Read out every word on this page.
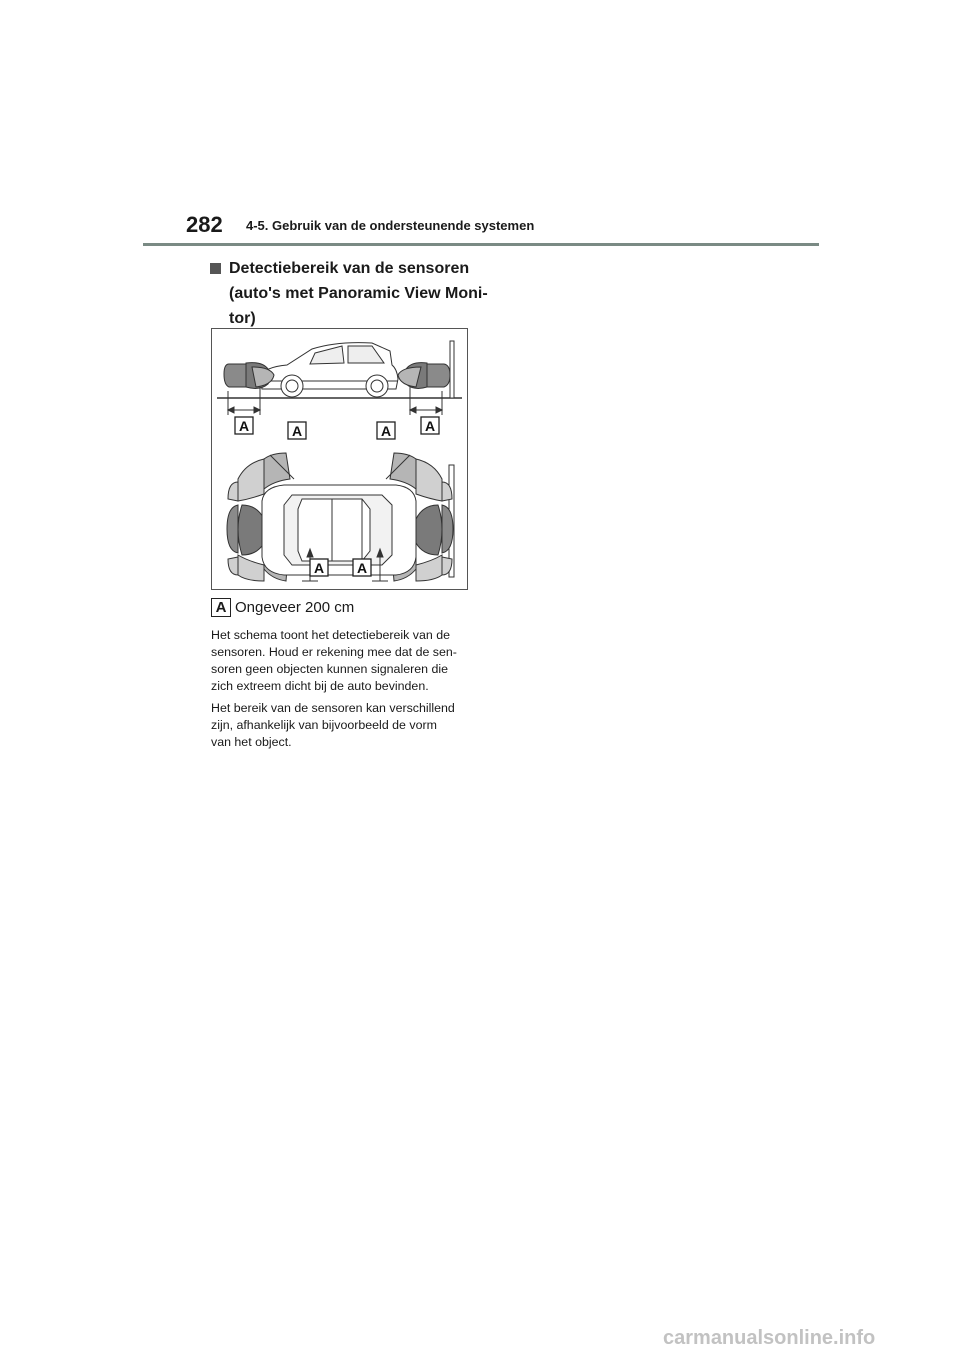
282 4-5. Gebruik van de ondersteunende systemen
Detectiebereik van de sensoren
(auto's met Panoramic View Moni-
tor)
A	A	A A
A A
A Ongeveer 200 cm
Het schema toont het detectiebereik van de
sensoren. Houd er rekening mee dat de sen-
soren geen objecten kunnen signaleren die
zich extreem dicht bij de auto bevinden.
Het bereik van de sensoren kan verschillend
zijn, afhankelijk van bijvoorbeeld de vorm
van het object.
carmanualsonline.info
